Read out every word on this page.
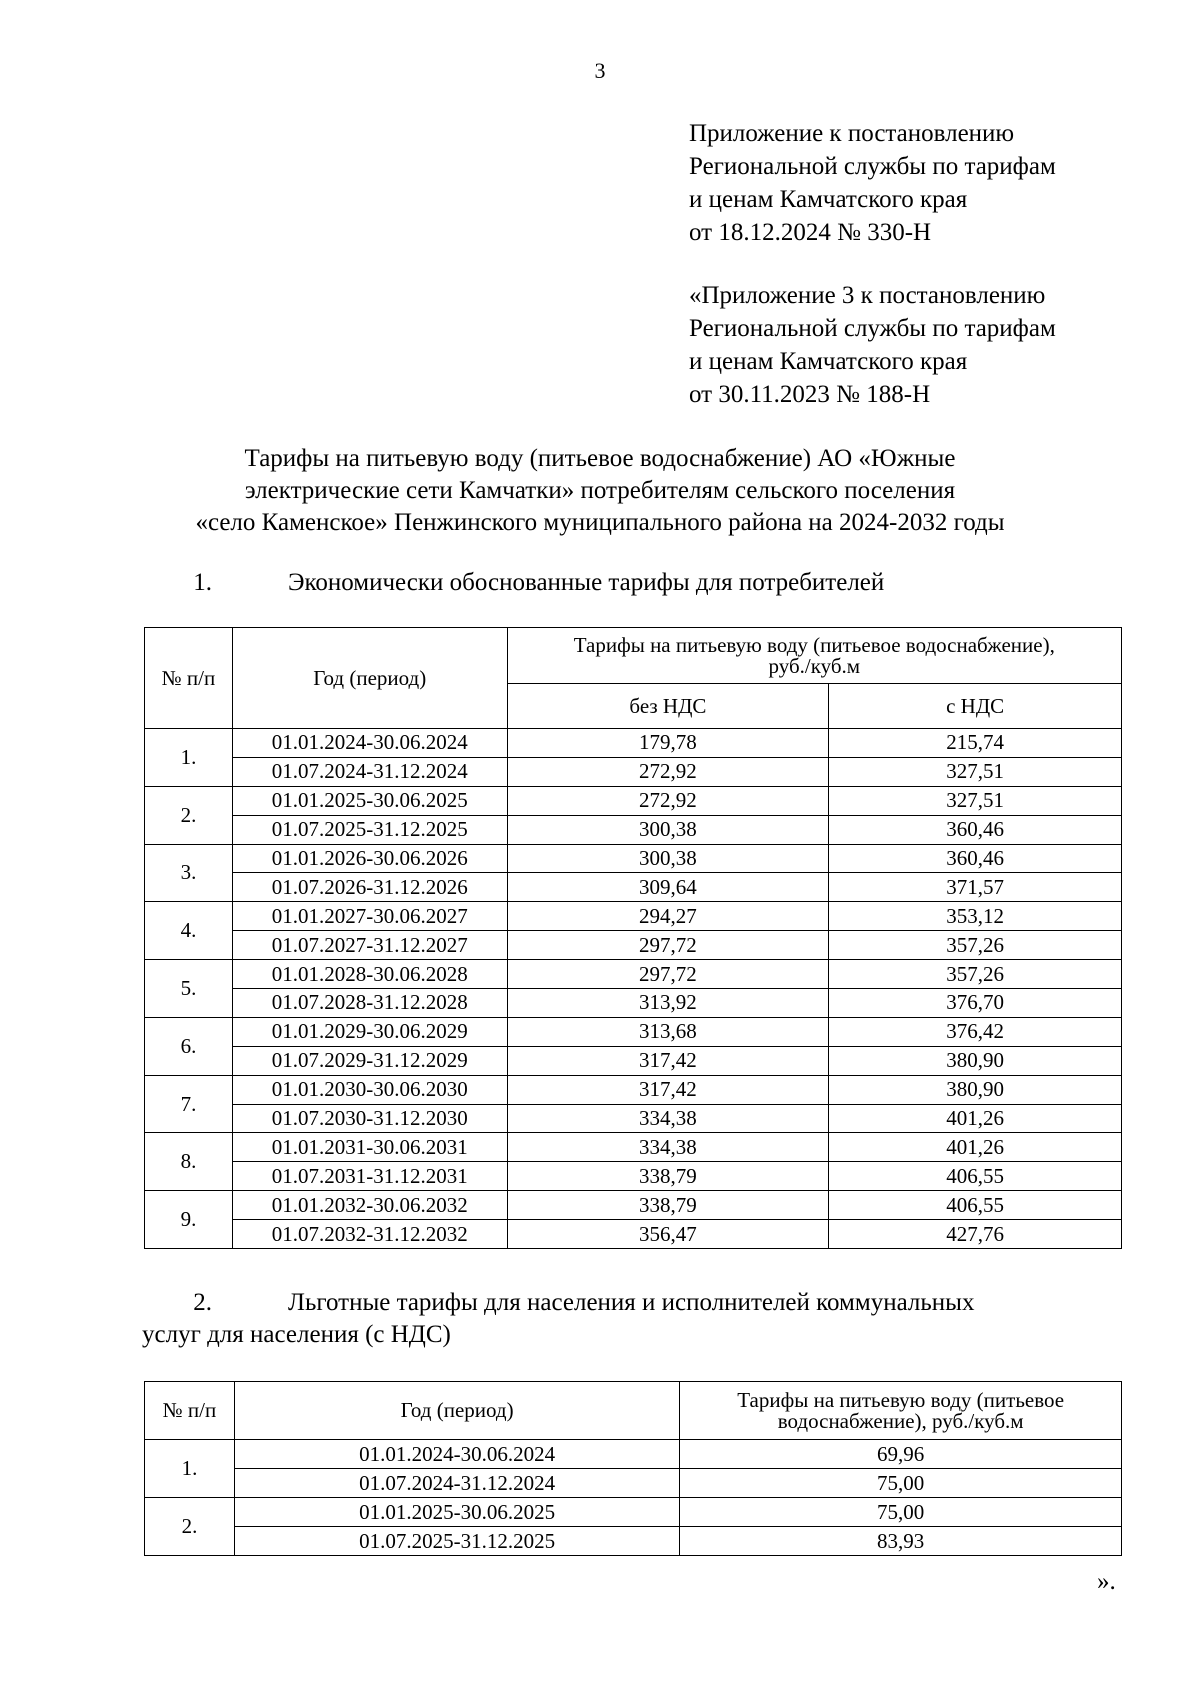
3
Приложение к постановлению
Региональной службы по тарифам
и ценам Камчатского края
от 18.12.2024 № 330-Н
«Приложение 3 к постановлению
Региональной службы по тарифам
и ценам Камчатского края
от 30.11.2023 № 188-Н
Тарифы на питьевую воду (питьевое водоснабжение) АО «Южные
электрические сети Камчатки» потребителям сельского поселения
«село Каменское» Пенжинского муниципального района на 2024-2032 годы
1.	Экономически обоснованные тарифы для потребителей
№ п/п	Год (период)	Тарифы на питьевую воду (питьевое водоснабжение), руб./куб.м	
		без НДС	с НДС
1.	01.01.2024-30.06.2024	179,78	215,74
	01.07.2024-31.12.2024	272,92	327,51
2.	01.01.2025-30.06.2025	272,92	327,51
	01.07.2025-31.12.2025	300,38	360,46
3.	01.01.2026-30.06.2026	300,38	360,46
	01.07.2026-31.12.2026	309,64	371,57
4.	01.01.2027-30.06.2027	294,27	353,12
	01.07.2027-31.12.2027	297,72	357,26
5.	01.01.2028-30.06.2028	297,72	357,26
	01.07.2028-31.12.2028	313,92	376,70
6.	01.01.2029-30.06.2029	313,68	376,42
	01.07.2029-31.12.2029	317,42	380,90
7.	01.01.2030-30.06.2030	317,42	380,90
	01.07.2030-31.12.2030	334,38	401,26
8.	01.01.2031-30.06.2031	334,38	401,26
	01.07.2031-31.12.2031	338,79	406,55
9.	01.01.2032-30.06.2032	338,79	406,55
	01.07.2032-31.12.2032	356,47	427,76
2.	Льготные тарифы для населения и исполнителей коммунальных
услуг для населения (с НДС)
№ п/п	Год (период)	Тарифы на питьевую воду (питьевое водоснабжение), руб./куб.м
1.	01.01.2024-30.06.2024	69,96
	01.07.2024-31.12.2024	75,00
2.	01.01.2025-30.06.2025	75,00
	01.07.2025-31.12.2025	83,93
».
